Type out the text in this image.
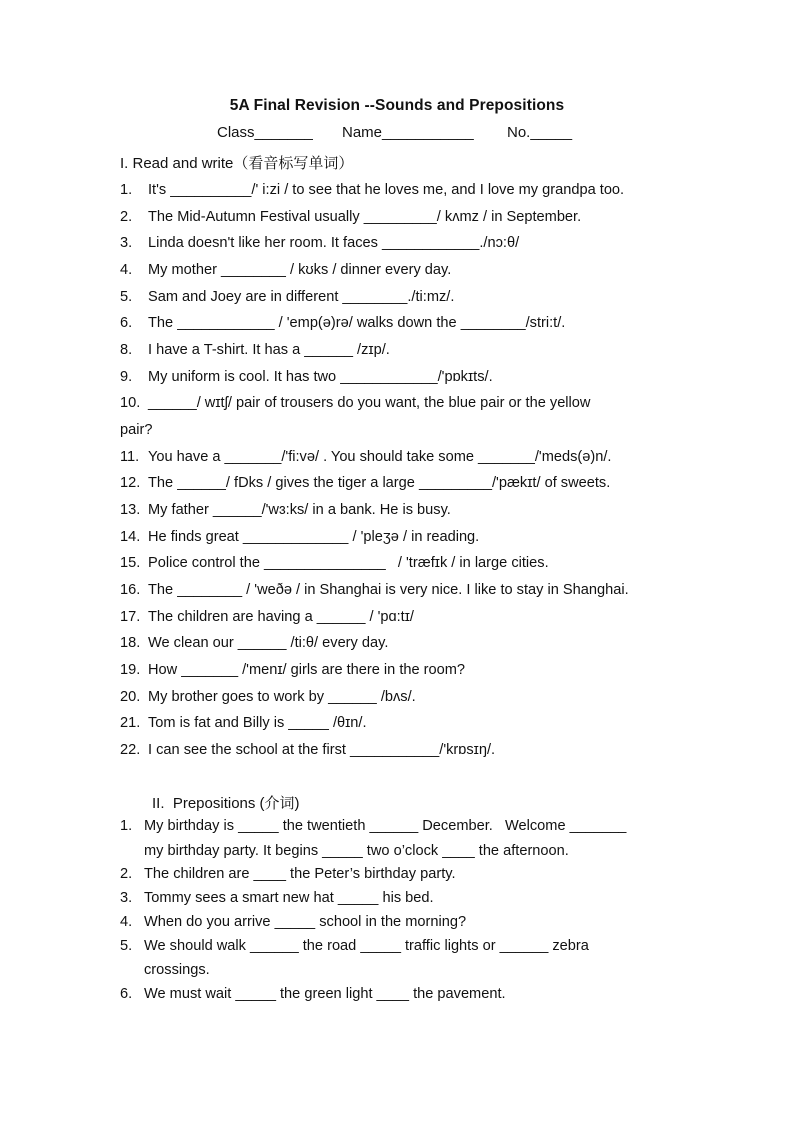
5A Final Revision --Sounds and Prepositions
Class_______ Name___________ No._____
I. Read and write（看音标写单词）
1. It's __________/' i:zi / to see that he loves me, and I love my grandpa too.
2. The Mid-Autumn Festival usually _________/ kʌmz / in September.
3. Linda doesn't like her room. It faces ____________./nɔ:θ/
4. My mother ________ / kʊks / dinner every day.
5. Sam and Joey are in different ________./ti:mz/.
6. The ____________ / 'emp(ə)rə/ walks down the ________/stri:t/.
8. I have a T-shirt. It has a ______ /zɪp/.
9. My uniform is cool. It has two ____________/'pɒkɪts/.
10. ______/ wɪtʃ/ pair of trousers do you want, the blue pair or the yellow
pair?
11. You have a _______/'fi:və/ . You should take some _______/'meds(ə)n/.
12. The ______/ fDks / gives the tiger a large _________/'pækɪt/ of sweets.
13. My father ______/'wɜ:ks/ in a bank. He is busy.
14. He finds great _____________ / 'pleʒə / in reading.
15. Police control the _______________   / 'træfɪk / in large cities.
16. The ________ / 'weðə / in Shanghai is very nice. I like to stay in Shanghai.
17. The children are having a ______ / 'pɑ:tɪ/
18. We clean our ______ /ti:θ/ every day.
19. How _______ /'menɪ/ girls are there in the room?
20. My brother goes to work by ______ /bʌs/.
21. Tom is fat and Billy is _____ /θɪn/.
22. I can see the school at the first ___________/'krɒsɪŋ/.
II.  Prepositions (介词)
1. My birthday is _____ the twentieth ______ December.   Welcome _______
my birthday party. It begins _____ two o’clock ____ the afternoon.
2. The children are ____ the Peter’s birthday party.
3. Tommy sees a smart new hat _____ his bed.
4. When do you arrive _____ school in the morning?
5. We should walk ______ the road _____ traffic lights or ______ zebra
crossings.
6. We must wait _____ the green light ____ the pavement.
